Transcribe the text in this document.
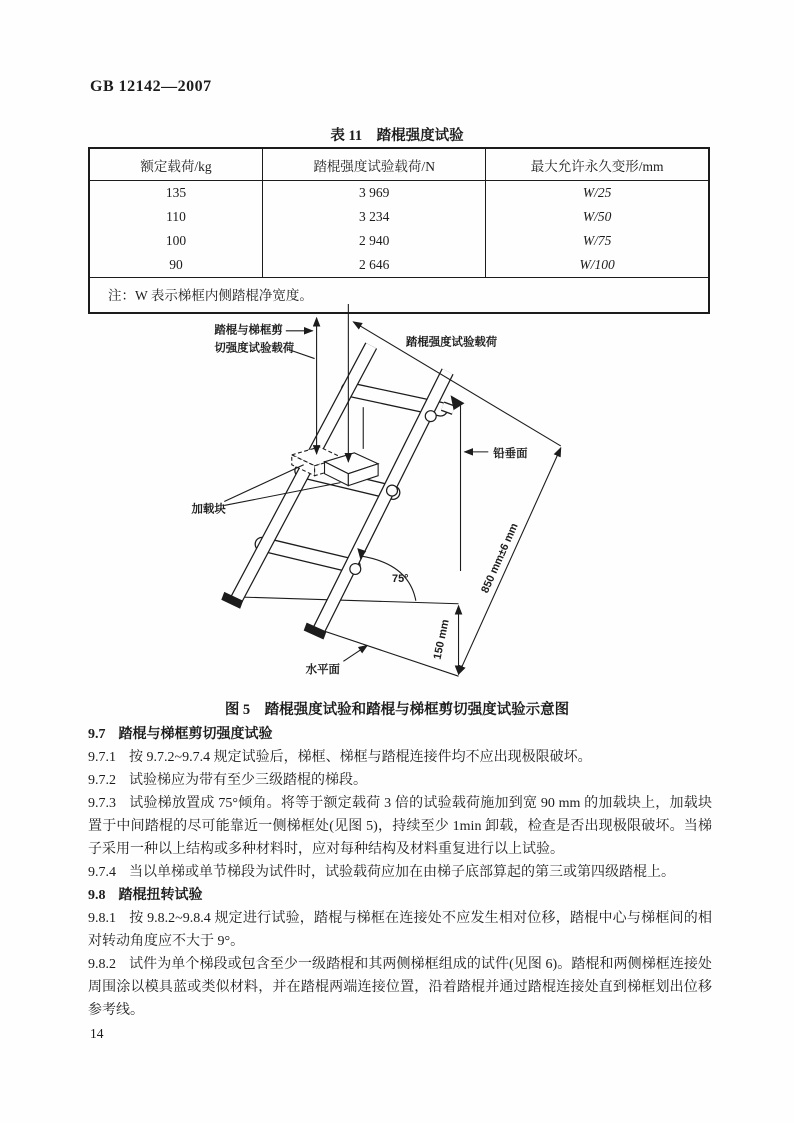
GB 12142—2007
表 11　踏棍强度试验
额定载荷/kg	踏棍强度试验载荷/N	最大允许永久变形/mm
135	3 969	W/25
110	3 234	W/50
100	2 940	W/75
90	2 646	W/100
注：W 表示梯框内侧踏棍净宽度。		
踏棍与梯框剪
切强度试验载荷	踏棍强度试验载荷
铅垂面
加载块
水平面
75°
150 mm
850 mm±6 mm
图 5　踏棍强度试验和踏棍与梯框剪切强度试验示意图

9.7 踏棍与梯框剪切强度试验

9.7.1 按 9.7.2~9.7.4 规定试验后，梯框、梯框与踏棍连接件均不应出现极限破坏。

9.7.2 试验梯应为带有至少三级踏棍的梯段。

9.7.3 试验梯放置成 75°倾角。将等于额定载荷 3 倍的试验载荷施加到宽 90 mm 的加载块上，加载块置于中间踏棍的尽可能靠近一侧梯框处(见图 5)，持续至少 1min 卸载，检查是否出现极限破坏。当梯子采用一种以上结构或多种材料时，应对每种结构及材料重复进行以上试验。

9.7.4 当以单梯或单节梯段为试件时，试验载荷应加在由梯子底部算起的第三或第四级踏棍上。

9.8 踏棍扭转试验

9.8.1 按 9.8.2~9.8.4 规定进行试验，踏棍与梯框在连接处不应发生相对位移，踏棍中心与梯框间的相对转动角度应不大于 9°。

9.8.2 试件为单个梯段或包含至少一级踏棍和其两侧梯框组成的试件(见图 6)。踏棍和两侧梯框连接处周围涂以模具蓝或类似材料，并在踏棍两端连接位置，沿着踏棍并通过踏棍连接处直到梯框划出位移参考线。

14
